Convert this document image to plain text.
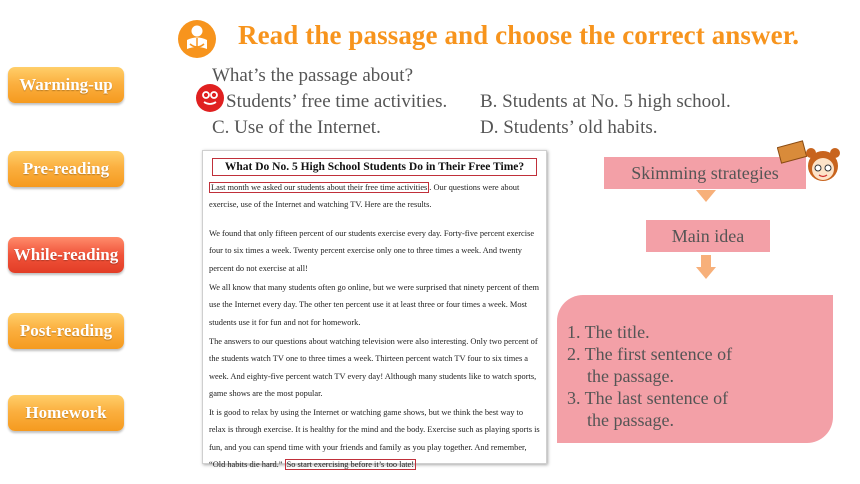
Warming-up
Pre-reading
While-reading
Post-reading
Homework
Read the passage and choose the correct answer.
What’s the passage about?
Students’ free time activities. B. Students at No. 5 high school.
C. Use of the Internet.	D. Students’ old habits.
What Do No. 5 High School Students Do in Their Free Time?
Last month we asked our students about their free time activities . Our questions were about exercise, use of the Internet and watching TV. Here are the results.
We found that only fifteen percent of our students exercise every day. Forty-five percent exercise four to six times a week. Twenty percent exercise only one to three times a week. And twenty percent do not exercise at all!
We all know that many students often go online, but we were surprised that ninety percent of them use the Internet every day. The other ten percent use it at least three or four times a week. Most students use it for fun and not for homework.
The answers to our questions about watching television were also interesting. Only two percent of the students watch TV one to three times a week. Thirteen percent watch TV four to six times a week. And eighty-five percent watch TV every day! Although many students like to watch sports, game shows are the most popular.
It is good to relax by using the Internet or watching game shows, but we think the best way to relax is through exercise. It is healthy for the mind and the body. Exercise such as playing sports is fun, and you can spend time with your friends and family as you play together. And remember, “Old habits die hard.” So start exercising before it’s too late!
Skimming strategies
Main idea
1. The title.
2. The first sentence of
the passage.
3. The last sentence of
the passage.
